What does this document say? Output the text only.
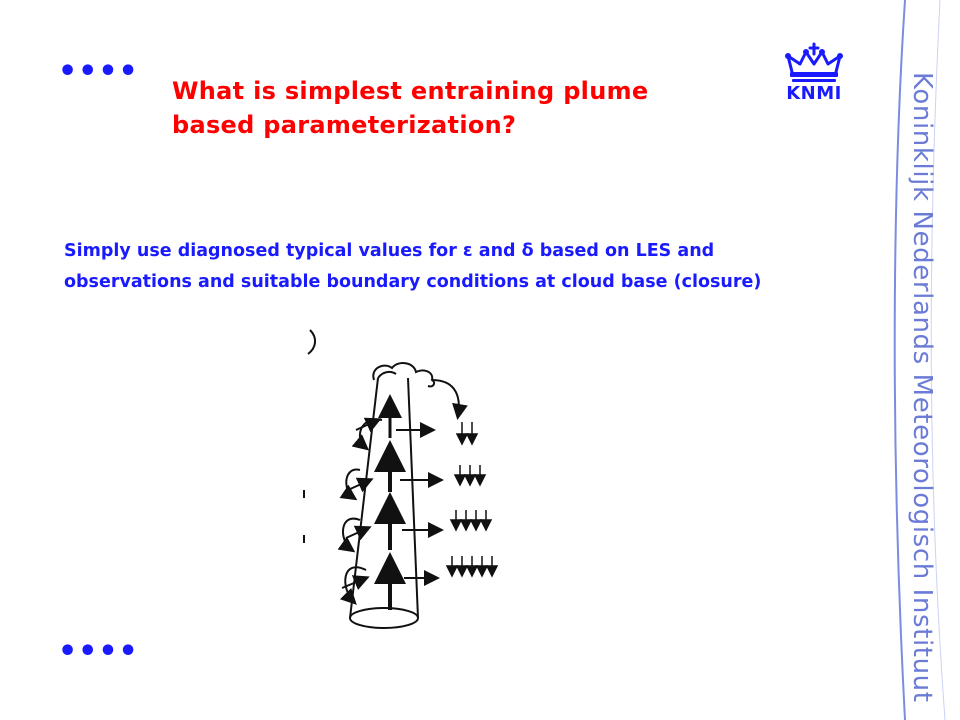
••••
What is simplest entraining plume based parameterization?
KNMI	Koninklijk Nederlands Meteorologisch Instituut
Simply use diagnosed typical values for ε and δ based on LES and observations and suitable boundary conditions at cloud base (closure)
••••
